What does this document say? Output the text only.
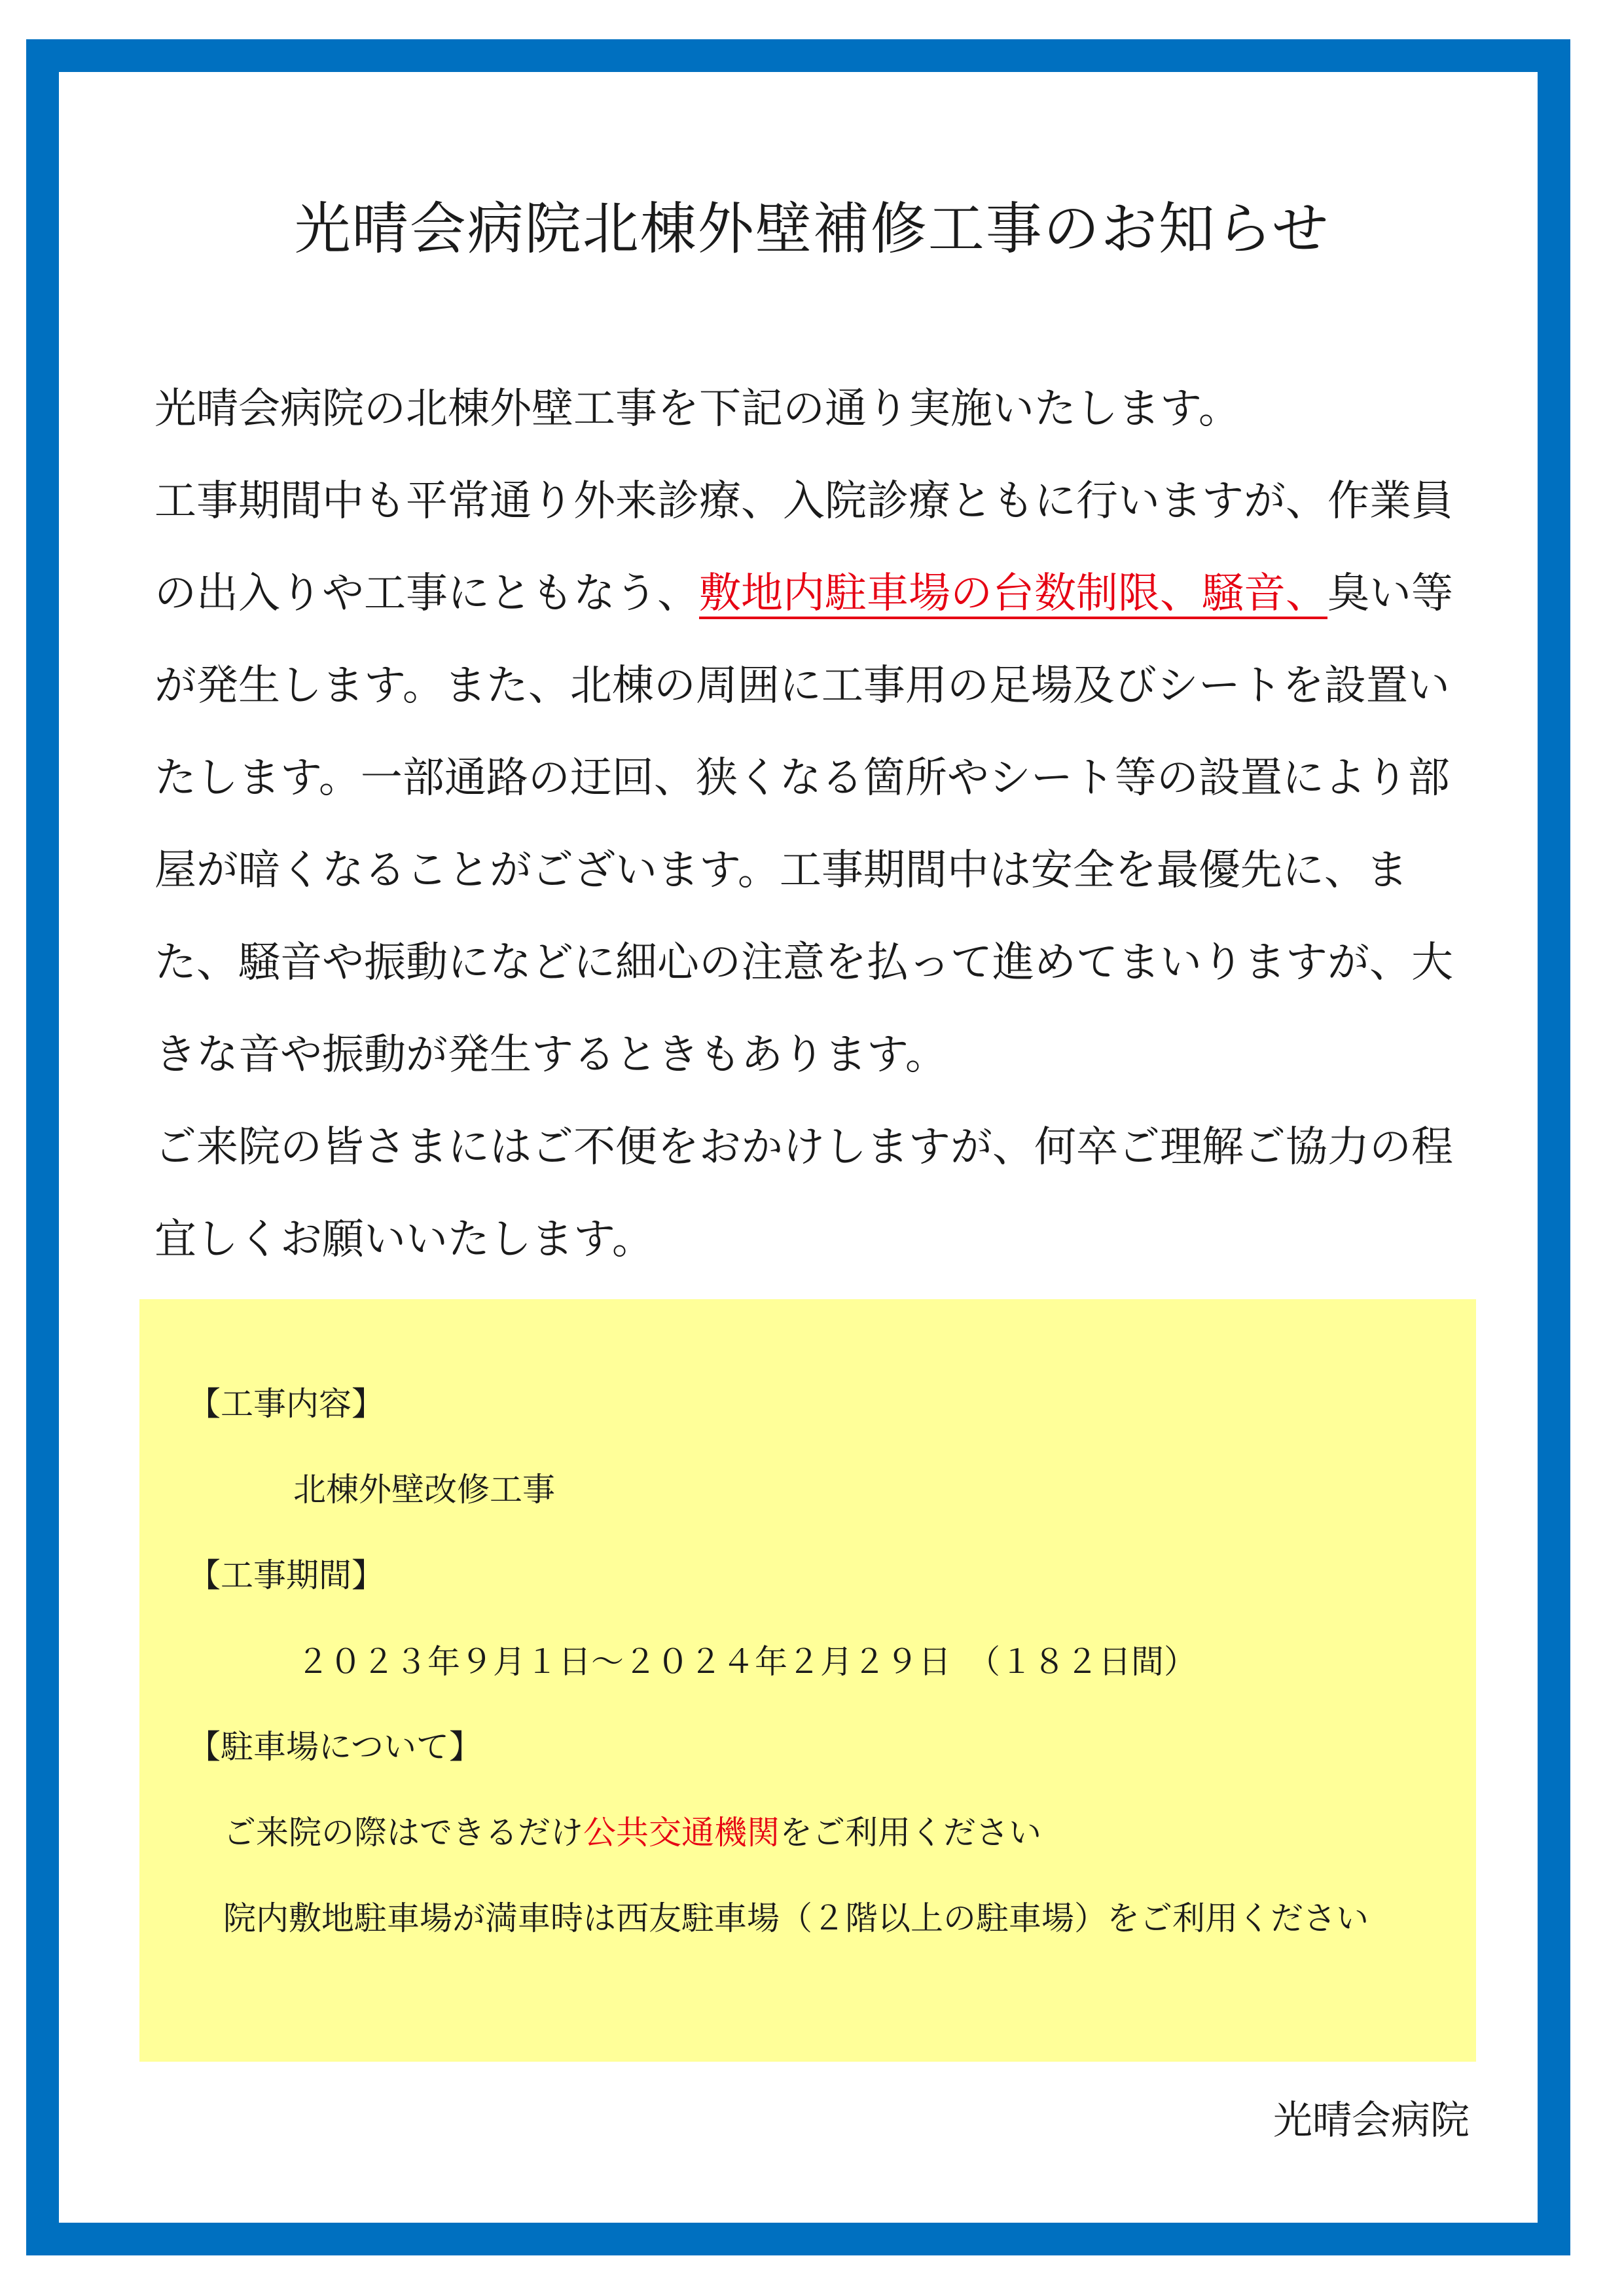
光晴会病院北棟外壁補修工事のお知らせ

光晴会病院の北棟外壁工事を下記の通り実施いたします。

工事期間中も平常通り外来診療、入院診療ともに行いますが、作業員の出入りや工事にともなう、敷地内駐車場の台数制限、騒音、臭い等が発生します。また、北棟の周囲に工事用の足場及びシートを設置いたします。一部通路の迂回、狭くなる箇所やシート等の設置により部屋が暗くなることがございます。工事期間中は安全を最優先に、また、騒音や振動になどに細心の注意を払って進めてまいりますが、大きな音や振動が発生するときもあります。

ご来院の皆さまにはご不便をおかけしますが、何卒ご理解ご協力の程宜しくお願いいたします。

【工事内容】
北棟外壁改修工事
【工事期間】
２０２３年９月１日～２０２４年２月２９日　（１８２日間）
【駐車場について】
ご来院の際はできるだけ公共交通機関をご利用ください
院内敷地駐車場が満車時は西友駐車場（２階以上の駐車場）をご利用ください
光晴会病院
